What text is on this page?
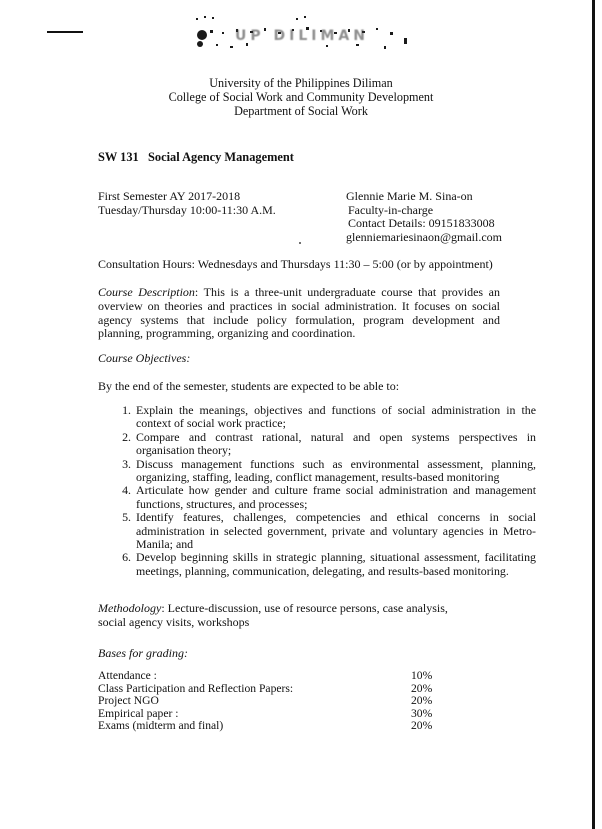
UP DILIMAN
University of the Philippines Diliman
College of Social Work and Community Development
Department of Social Work
SW 131 Social Agency Management
First Semester AY 2017-2018
Tuesday/Thursday 10:00-11:30 A.M.
Glennie Marie M. Sina-on
Faculty-in-charge
Contact Details: 09151833008
glenniemariesinaon@gmail.com
Consultation Hours: Wednesdays and Thursdays 11:30 – 5:00 (or by appointment)
Course Description: This is a three-unit undergraduate course that provides an overview on theories and practices in social administration. It focuses on social agency systems that include policy formulation, program development and planning, programming, organizing and coordination.
Course Objectives:
By the end of the semester, students are expected to be able to:
1. Explain the meanings, objectives and functions of social administration in the context of social work practice;
2. Compare and contrast rational, natural and open systems perspectives in organisation theory;
3. Discuss management functions such as environmental assessment, planning, organizing, staffing, leading, conflict management, results-based monitoring
4. Articulate how gender and culture frame social administration and management functions, structures, and processes;
5. Identify features, challenges, competencies and ethical concerns in social administration in selected government, private and voluntary agencies in Metro-Manila; and
6. Develop beginning skills in strategic planning, situational assessment, facilitating meetings, planning, communication, delegating, and results-based monitoring.
Methodology: Lecture-discussion, use of resource persons, case analysis, social agency visits, workshops
Bases for grading:
Attendance :	10%
Class Participation and Reflection Papers:	20%
Project NGO	20%
Empirical paper :	30%
Exams (midterm and final)	20%
